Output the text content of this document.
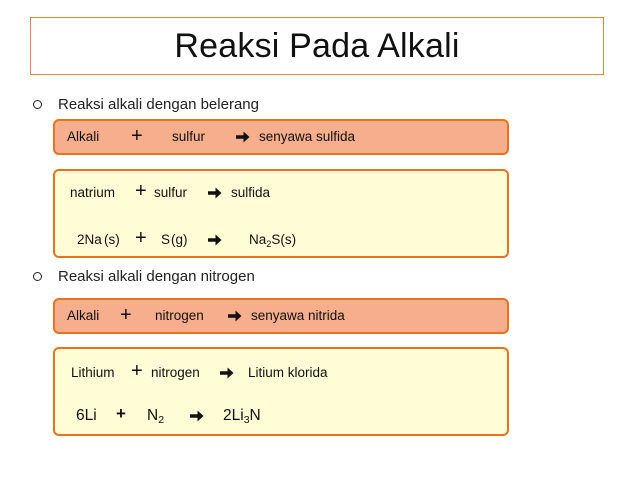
Reaksi Pada Alkali
Reaksi alkali dengan belerang
Alkali + sulfur	senyawa sulfida
natrium + sulfur	sulfida
2Na (s) + S (g)	$Na_2S(s)$
Reaksi alkali dengan nitrogen
Alkali + nitrogen	senyawa nitrida
Lithium + nitrogen	Litium klorida
$6Li + N_2$	$2Li_3N$
